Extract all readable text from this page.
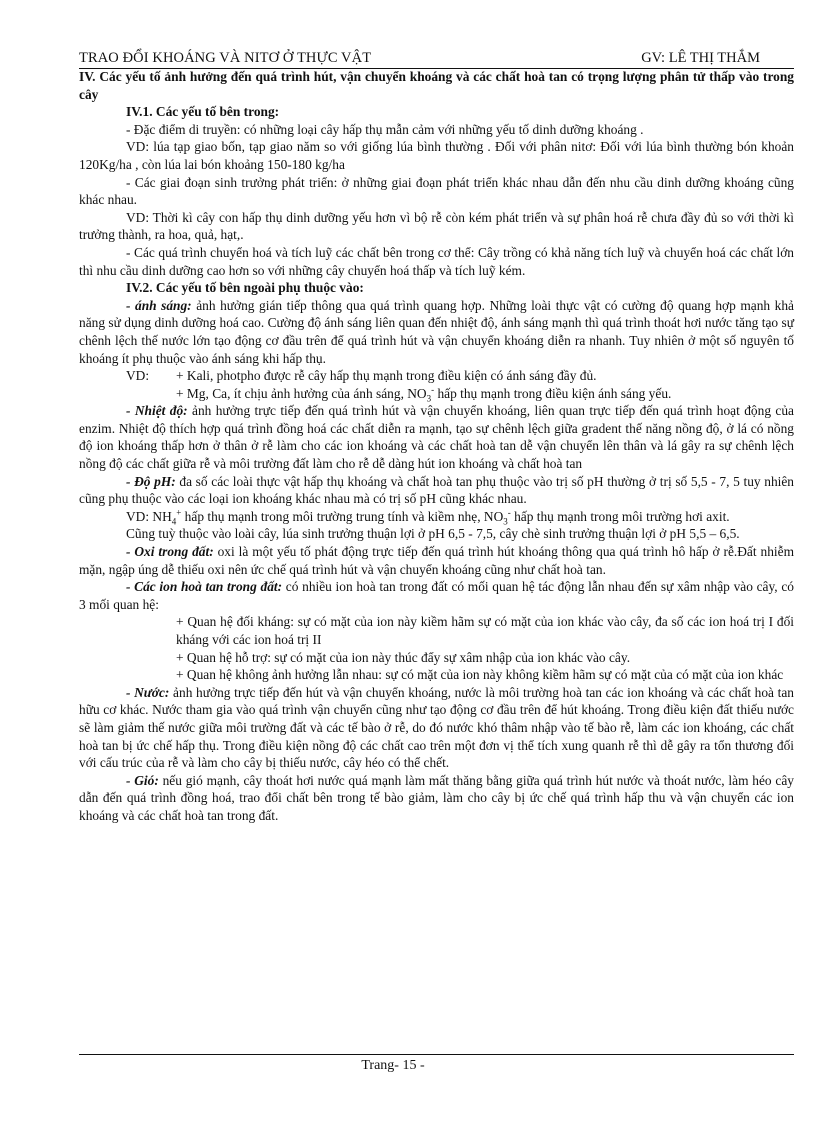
TRAO ĐỔI KHOÁNG VÀ NITƠ Ở THỰC VẬT	GV: LÊ THỊ THẮM

IV. Các yếu tố ảnh hưởng đến quá trình hút, vận chuyển khoáng và các chất hoà tan có trọng lượng phân tử thấp vào trong cây

IV.1. Các yếu tố bên trong:

- Đặc điểm di truyền: có những loại cây hấp thụ mẫn cảm với những yếu tố dinh dưỡng khoáng .

VD: lúa tạp giao bốn, tạp giao năm so với giống lúa bình thường . Đối với phân nitơ: Đối với lúa bình thường bón khoản 120Kg/ha , còn lúa lai bón khoảng 150-180 kg/ha

- Các giai đoạn sinh trưởng phát triển: ở những giai đoạn phát triển khác nhau dẫn đến nhu cầu dinh dưỡng khoáng cũng khác nhau.

VD: Thời kì cây con hấp thụ dinh dưỡng yếu hơn vì bộ rễ còn kém phát triển và sự phân hoá rễ chưa đầy đủ so với thời kì trưởng thành, ra hoa, quả, hạt,.

- Các quá trình chuyển hoá và tích luỹ các chất bên trong cơ thể: Cây trồng có khả năng tích luỹ và chuyển hoá các chất lớn thì nhu cầu dinh dưỡng cao hơn so với những cây chuyển hoá thấp và tích luỹ kém.

IV.2. Các yếu tố bên ngoài phụ thuộc vào:

- ánh sáng: ảnh hưởng gián tiếp thông qua quá trình quang hợp. Những loài thực vật có cường độ quang hợp mạnh khả năng sử dụng dinh dưỡng hoá cao. Cường độ ánh sáng liên quan đến nhiệt độ, ánh sáng mạnh thì quá trình thoát hơi nước tăng tạo sự chênh lệch thế nước lớn tạo động cơ đầu trên để quá trình hút và vận chuyển khoáng diễn ra nhanh. Tuy nhiên ở một số nguyên tố khoáng ít phụ thuộc vào ánh sáng khi hấp thụ.

VD:	+ Kali, photpho được rễ cây hấp thụ mạnh trong điều kiện có ánh sáng đầy đủ.

+ Mg, Ca, ít chịu ảnh hưởng của ánh sáng, $NO_3^-$ hấp thụ mạnh trong điều kiện ánh sáng yếu.

- Nhiệt độ: ảnh hưởng trực tiếp đến quá trình hút và vận chuyển khoáng, liên quan trực tiếp đến quá trình hoạt động của enzim. Nhiệt độ thích hợp quá trình đồng hoá các chất diễn ra mạnh, tạo sự chênh lệch giữa gradent thế năng nồng độ, ở lá có nồng độ ion khoáng thấp hơn ở thân ở rễ làm cho các ion khoáng và các chất hoà tan dễ vận chuyển lên thân và lá gây ra sự chênh lệch nồng độ các chất giữa rễ và môi trường đất làm cho rễ dễ dàng hút ion khoáng và chất hoà tan

- Độ pH: đa số các loài thực vật hấp thụ khoáng và chất hoà tan phụ thuộc vào trị số pH thường ở trị số 5,5 - 7, 5 tuy nhiên cũng phụ thuộc vào các loại ion khoáng khác nhau mà có trị số pH cũng khác nhau.

VD: $NH_4^+$ hấp thụ mạnh trong môi trường trung tính và kiềm nhẹ, $NO_3^-$ hấp thụ mạnh trong môi trường hơi axit.

Cũng tuỳ thuộc vào loài cây, lúa sinh trưởng thuận lợi ở pH 6,5 - 7,5, cây chè sinh trưởng thuận lợi ở pH 5,5 – 6,5.

- Oxi trong đất: oxi là một yếu tố phát động trực tiếp đến quá trình hút khoáng thông qua quá trình hô hấp ở rễ.Đất nhiễm mặn, ngập úng dễ thiếu oxi nên ức chế quá trình hút và vận chuyển khoáng cũng như chất hoà tan.

- Các ion hoà tan trong đất: có nhiều ion hoà tan trong đất có mối quan hệ tác động lẫn nhau đến sự xâm nhập vào cây, có 3 mối quan hệ:

+ Quan hệ đối kháng: sự có mặt của ion này kiềm hãm sự có mặt của ion khác vào cây, đa số các ion hoá trị I đối kháng với các ion hoá trị II

+ Quan hệ hỗ trợ: sự có mặt của ion này thúc đẩy sự xâm nhập của ion khác vào cây.

+ Quan hệ không ảnh hưởng lẫn nhau: sự có mặt của ion này không kiềm hãm sự có mặt của có mặt của ion khác

- Nước: ảnh hưởng trực tiếp đến hút và vận chuyển khoáng, nước là môi trường hoà tan các ion khoáng và các chất hoà tan hữu cơ khác. Nước tham gia vào quá trình vận chuyển cũng như tạo động cơ đầu trên để hút khoáng. Trong điều kiện đất thiếu nước sẽ làm giảm thế nước giữa môi trường đất và các tế bào ở rễ, do đó nước khó thâm nhập vào tế bào rễ, làm các ion khoáng, các chất hoà tan bị ức chế hấp thụ. Trong điều kiện nồng độ các chất cao trên một đơn vị thể tích xung quanh rễ thì dễ gây ra tổn thương đối với cấu trúc của rễ và làm cho cây bị thiếu nước, cây héo có thể chết.

- Gió: nếu gió mạnh, cây thoát hơi nước quá mạnh làm mất thăng bằng giữa quá trình hút nước và thoát nước, làm héo cây dẫn đến quá trình đồng hoá, trao đổi chất bên trong tế bào giảm, làm cho cây bị ức chế quá trình hấp thu và vận chuyển các ion khoáng và các chất hoà tan trong đất.

Trang- 15 -
